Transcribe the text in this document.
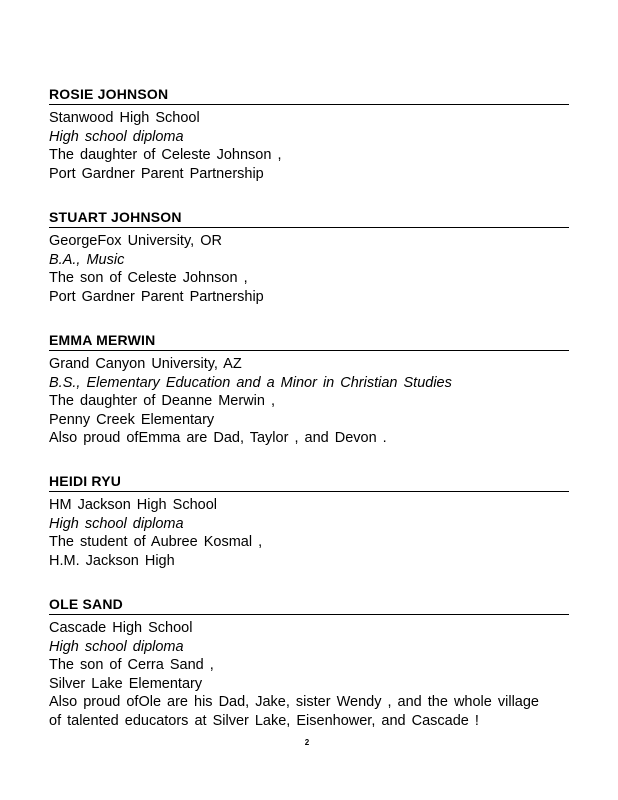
ROSIE JOHNSON
Stanwood High School
High school diploma
The daughter of Celeste Johnson ,
Port Gardner Parent Partnership
STUART JOHNSON
GeorgeFox University, OR
B.A., Music
The son of Celeste Johnson ,
Port Gardner Parent Partnership
EMMA MERWIN
Grand Canyon University, AZ
B.S., Elementary Education and a Minor in Christian Studies
The daughter of Deanne Merwin ,
Penny Creek Elementary
Also proud ofEmma are Dad, Taylor , and Devon .
HEIDI RYU
HM Jackson High School
High school diploma
The student of Aubree Kosmal ,
H.M. Jackson High
OLE SAND
Cascade High School
High school diploma
The son of Cerra Sand ,
Silver Lake Elementary
Also proud ofOle are his Dad, Jake, sister Wendy , and the whole village
of talented educators at Silver Lake, Eisenhower, and Cascade !
2
